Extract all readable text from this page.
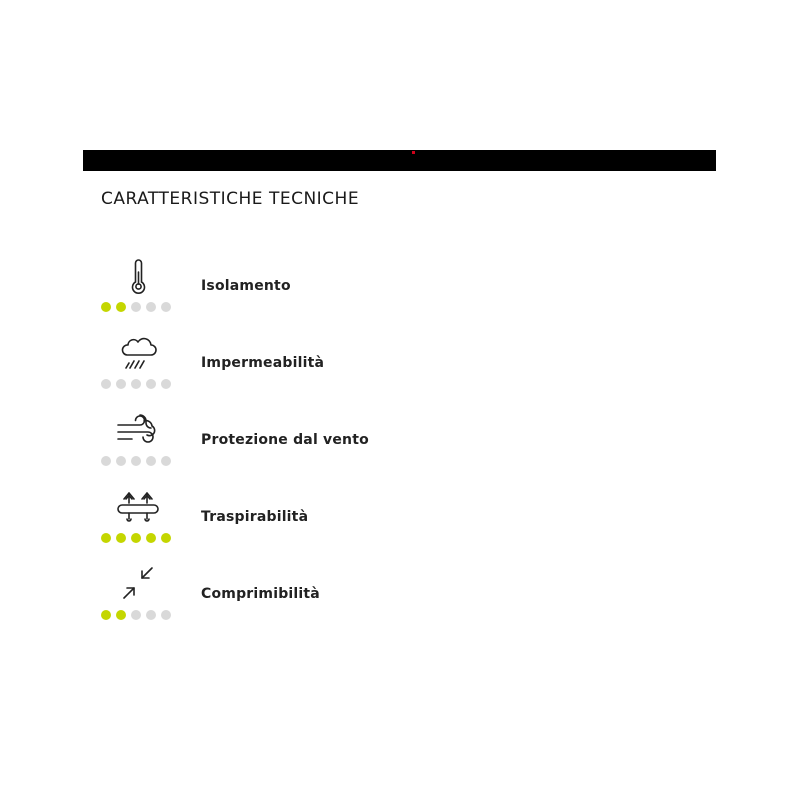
CARATTERISTICHE TECNICHE
Isolamento
Impermeabilità
Protezione dal vento
Traspirabilità
Comprimibilità
